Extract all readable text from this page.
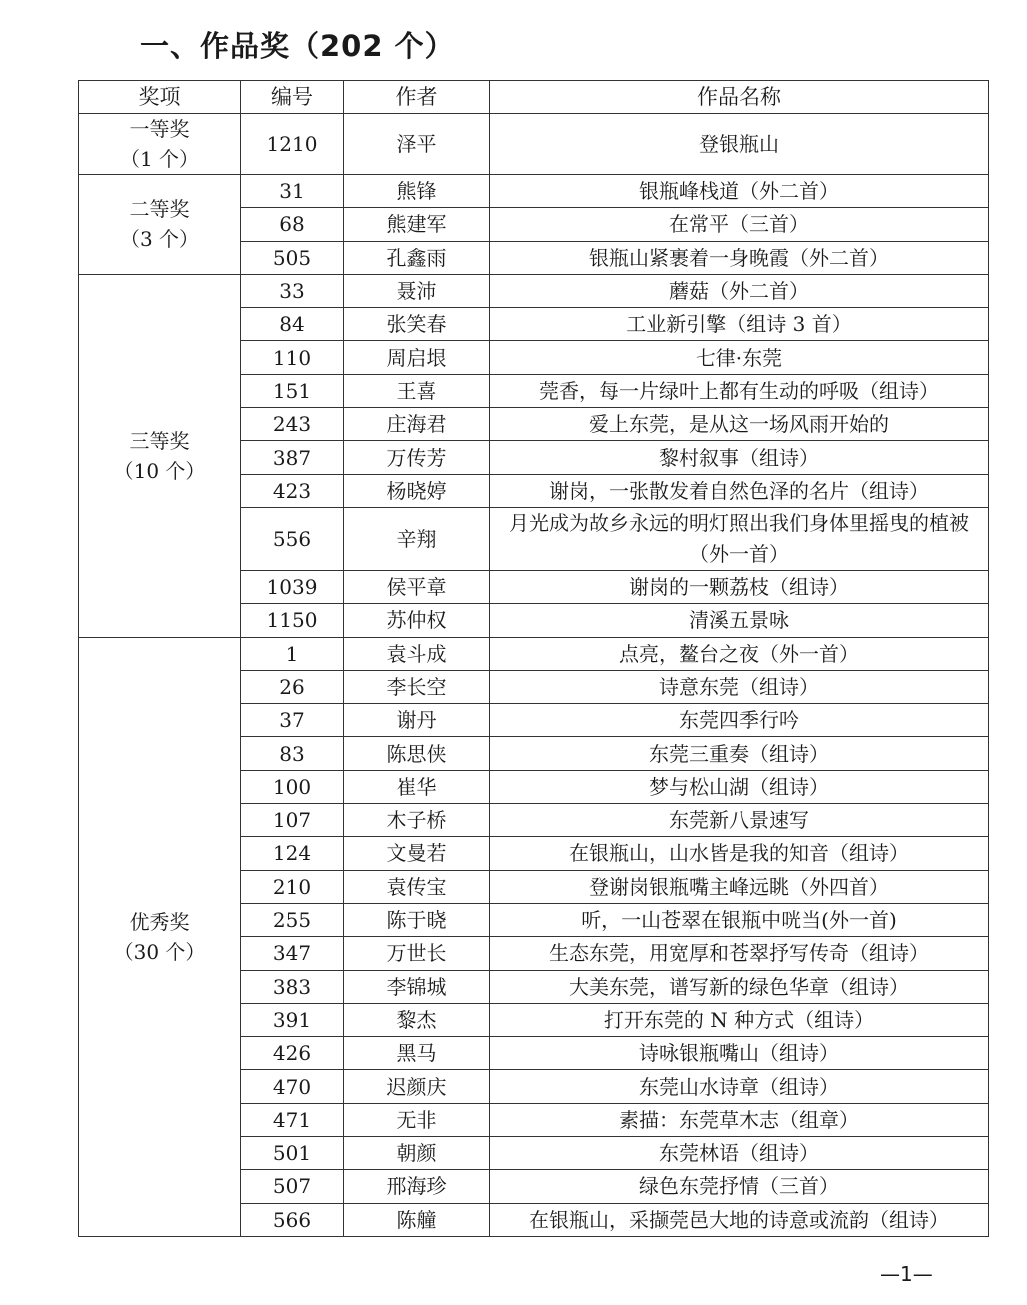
一、作品奖（202 个）
奖项	编号	作者	作品名称

一等奖
（1 个）	1210	泽平	登银瓶山

二等奖
（3 个）	31	熊锋	银瓶峰栈道（外二首）
	68	熊建军	在常平（三首）
	505	孔鑫雨	银瓶山紧裹着一身晚霞（外二首）

三等奖
（10 个）	33	聂沛	蘑菇（外二首）
	84	张笑春	工业新引擎（组诗 3 首）
	110	周启垠	七律·东莞
	151	王喜	莞香，每一片绿叶上都有生动的呼吸（组诗）
	243	庄海君	爱上东莞，是从这一场风雨开始的
	387	万传芳	黎村叙事（组诗）
	423	杨晓婷	谢岗，一张散发着自然色泽的名片（组诗）
	556	辛翔	月光成为故乡永远的明灯照出我们身体里摇曳的植被（外一首）
	1039	侯平章	谢岗的一颗荔枝（组诗）
	1150	苏仲权	清溪五景咏

优秀奖
（30 个）	1	袁斗成	点亮，鳌台之夜（外一首）
	26	李长空	诗意东莞（组诗）
	37	谢丹	东莞四季行吟
	83	陈思侠	东莞三重奏（组诗）
	100	崔华	梦与松山湖（组诗）
	107	木子桥	东莞新八景速写
	124	文曼若	在银瓶山，山水皆是我的知音（组诗）
	210	袁传宝	登谢岗银瓶嘴主峰远眺（外四首）
	255	陈于晓	听，一山苍翠在银瓶中咣当(外一首)
	347	万世长	生态东莞，用宽厚和苍翠抒写传奇（组诗）
	383	李锦城	大美东莞，谱写新的绿色华章（组诗）
	391	黎杰	打开东莞的 N 种方式（组诗）
	426	黑马	诗咏银瓶嘴山（组诗）
	470	迟颜庆	东莞山水诗章（组诗）
	471	无非	素描：东莞草木志（组章）
	501	朝颜	东莞林语（组诗）
	507	邢海珍	绿色东莞抒情（三首）
	566	陈艟	在银瓶山，采撷莞邑大地的诗意或流韵（组诗）
—1—
